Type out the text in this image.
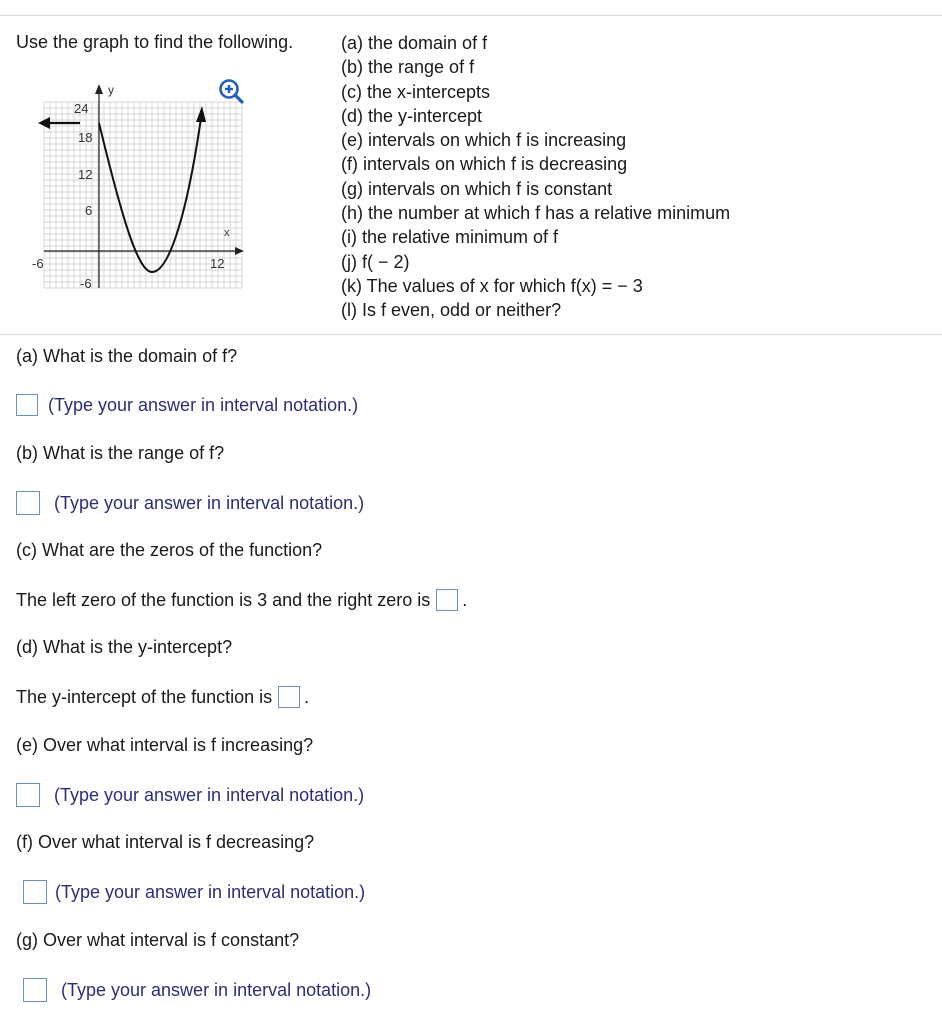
Use the graph to find the following.	(a) the domain of f
(b) the range of f
(c) the x-intercepts
(d) the y-intercept
(e) intervals on which f is increasing
(f) intervals on which f is decreasing
(g) intervals on which f is constant
(h) the number at which f has a relative minimum
(i) the relative minimum of f
(j) f( − 2)
(k) The values of x for which f(x) = − 3
(l) Is f even, odd or neither?
y
x
24
18
12
6
-6
-6	12
(a) What is the domain of f?
(Type your answer in interval notation.)
(b) What is the range of f?
(Type your answer in interval notation.)
(c) What are the zeros of the function?
The left zero of the function is 3 and the right zero is .
(d) What is the y-intercept?
The y-intercept of the function is .
(e) Over what interval is f increasing?
(Type your answer in interval notation.)
(f) Over what interval is f decreasing?
(Type your answer in interval notation.)
(g) Over what interval is f constant?
(Type your answer in interval notation.)
